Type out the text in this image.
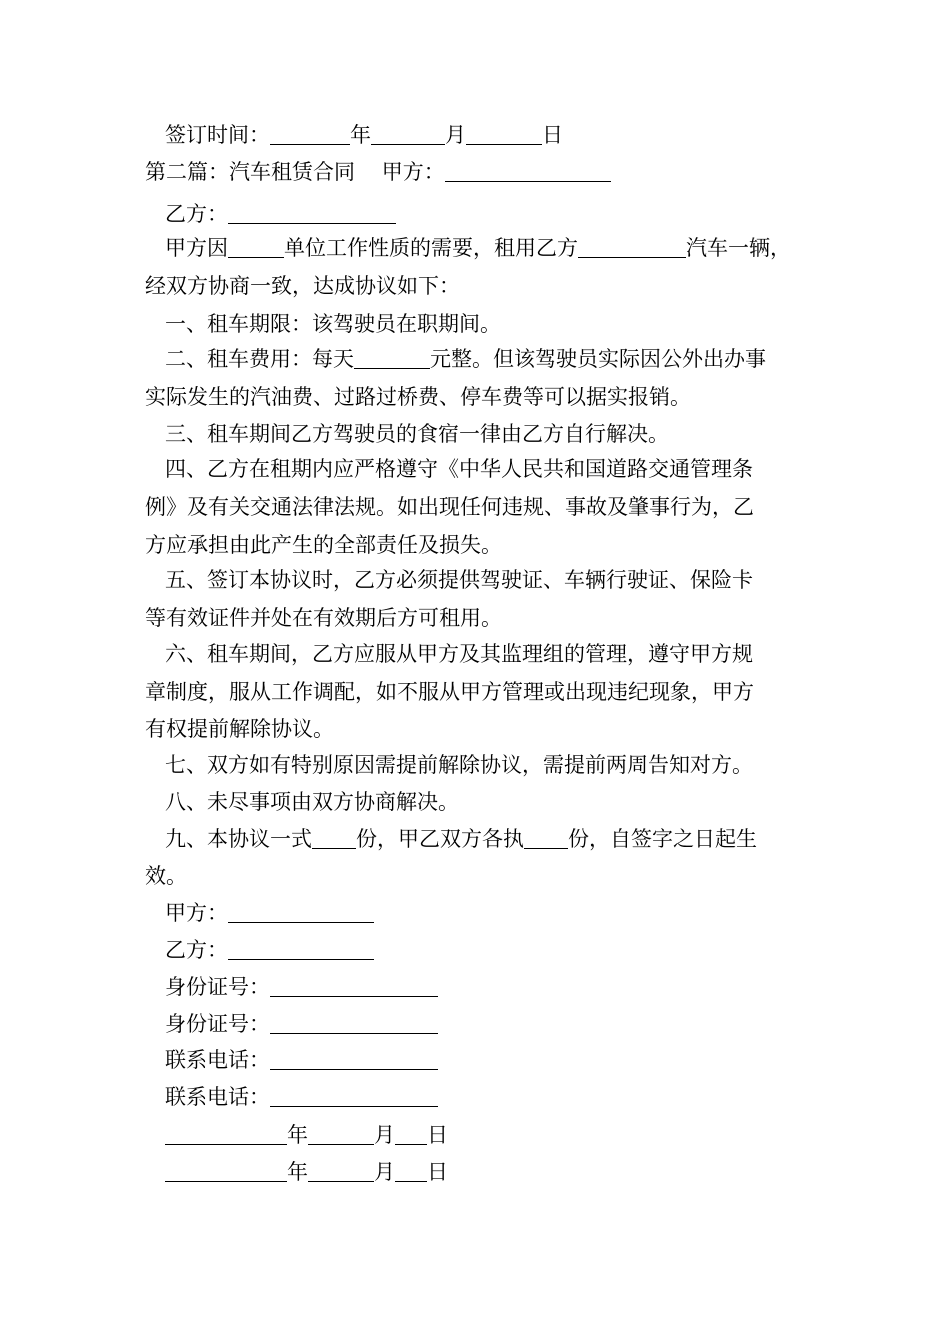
签订时间：	年	月	日
第二篇：汽车租赁合同 甲方：
乙方：
甲方因	单位工作性质的需要，租用乙方	汽车一辆，
经双方协商一致，达成协议如下：
一、租车期限：该驾驶员在职期间。
二、租车费用：每天	元整。但该驾驶员实际因公外出办事
实际发生的汽油费、过路过桥费、停车费等可以据实报销。
三、租车期间乙方驾驶员的食宿一律由乙方自行解决。
四、乙方在租期内应严格遵守《中华人民共和国道路交通管理条
例》及有关交通法律法规。如出现任何违规、事故及肇事行为，乙
方应承担由此产生的全部责任及损失。
五、签订本协议时，乙方必须提供驾驶证、车辆行驶证、保险卡
等有效证件并处在有效期后方可租用。
六、租车期间，乙方应服从甲方及其监理组的管理，遵守甲方规
章制度，服从工作调配，如不服从甲方管理或出现违纪现象，甲方
有权提前解除协议。
七、双方如有特别原因需提前解除协议，需提前两周告知对方。
八、未尽事项由双方协商解决。
九、本协议一式 份，甲乙双方各执 份，自签字之日起生
效。
甲方：
乙方：
身份证号：
身份证号：
联系电话：
联系电话：
年	月 日
年	月 日
